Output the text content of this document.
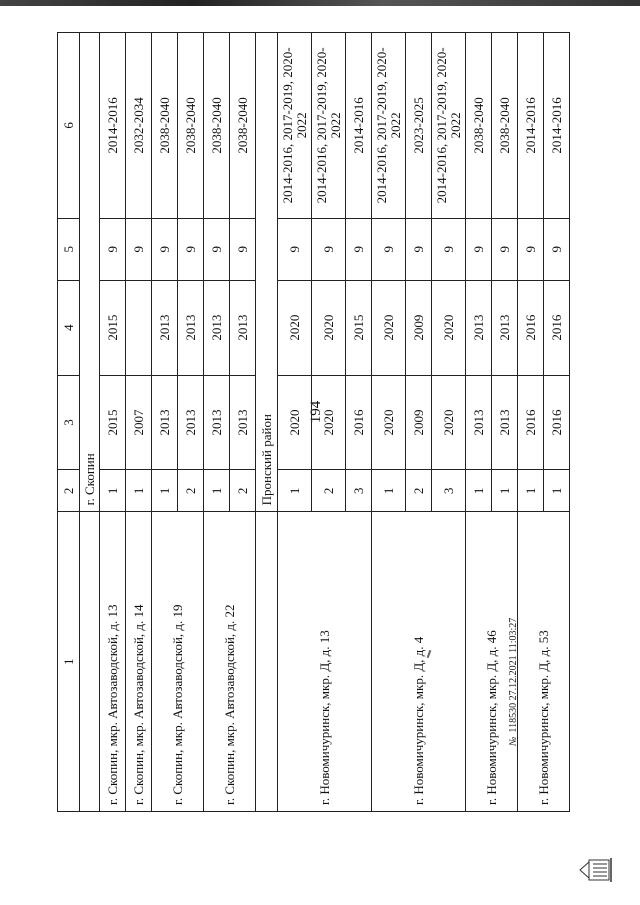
194
1	2	3	4	5	6
	г. Скопин				
г. Скопин, мкр. Автозаводской, д. 13	1	2015	2015	9	2014-2016
г. Скопин, мкр. Автозаводской, д. 14	1	2007		9	2032-2034
г. Скопин, мкр. Автозаводской, д. 19	1	2013	2013	9	2038-2040
	2	2013	2013	9	2038-2040
г. Скопин, мкр. Автозаводской, д. 22	1	2013	2013	9	2038-2040
	2	2013	2013	9	2038-2040
	Пронский район				
г. Новомичуринск, мкр. Д, д. 13	1	2020	2020	9	2014-2016, 2017-2019, 2020-2022
	2	2020	2020	9	2014-2016, 2017-2019, 2020-2022
	3	2016	2015	9	2014-2016
г. Новомичуринск, мкр. Д, д. 4	1	2020	2020	9	2014-2016, 2017-2019, 2020-2022
	2	2009	2009	9	2023-2025
	3	2020	2020	9	2014-2016, 2017-2019, 2020-2022
г. Новомичуринск, мкр. Д, д. 46	1	2013	2013	9	2038-2040
	1	2013	2013	9	2038-2040
г. Новомичуринск, мкр. Д, д. 53	1	2016	2016	9	2014-2016
	1	2016	2016	9	2014-2016
№118530 27.12.2021 11:03:27
